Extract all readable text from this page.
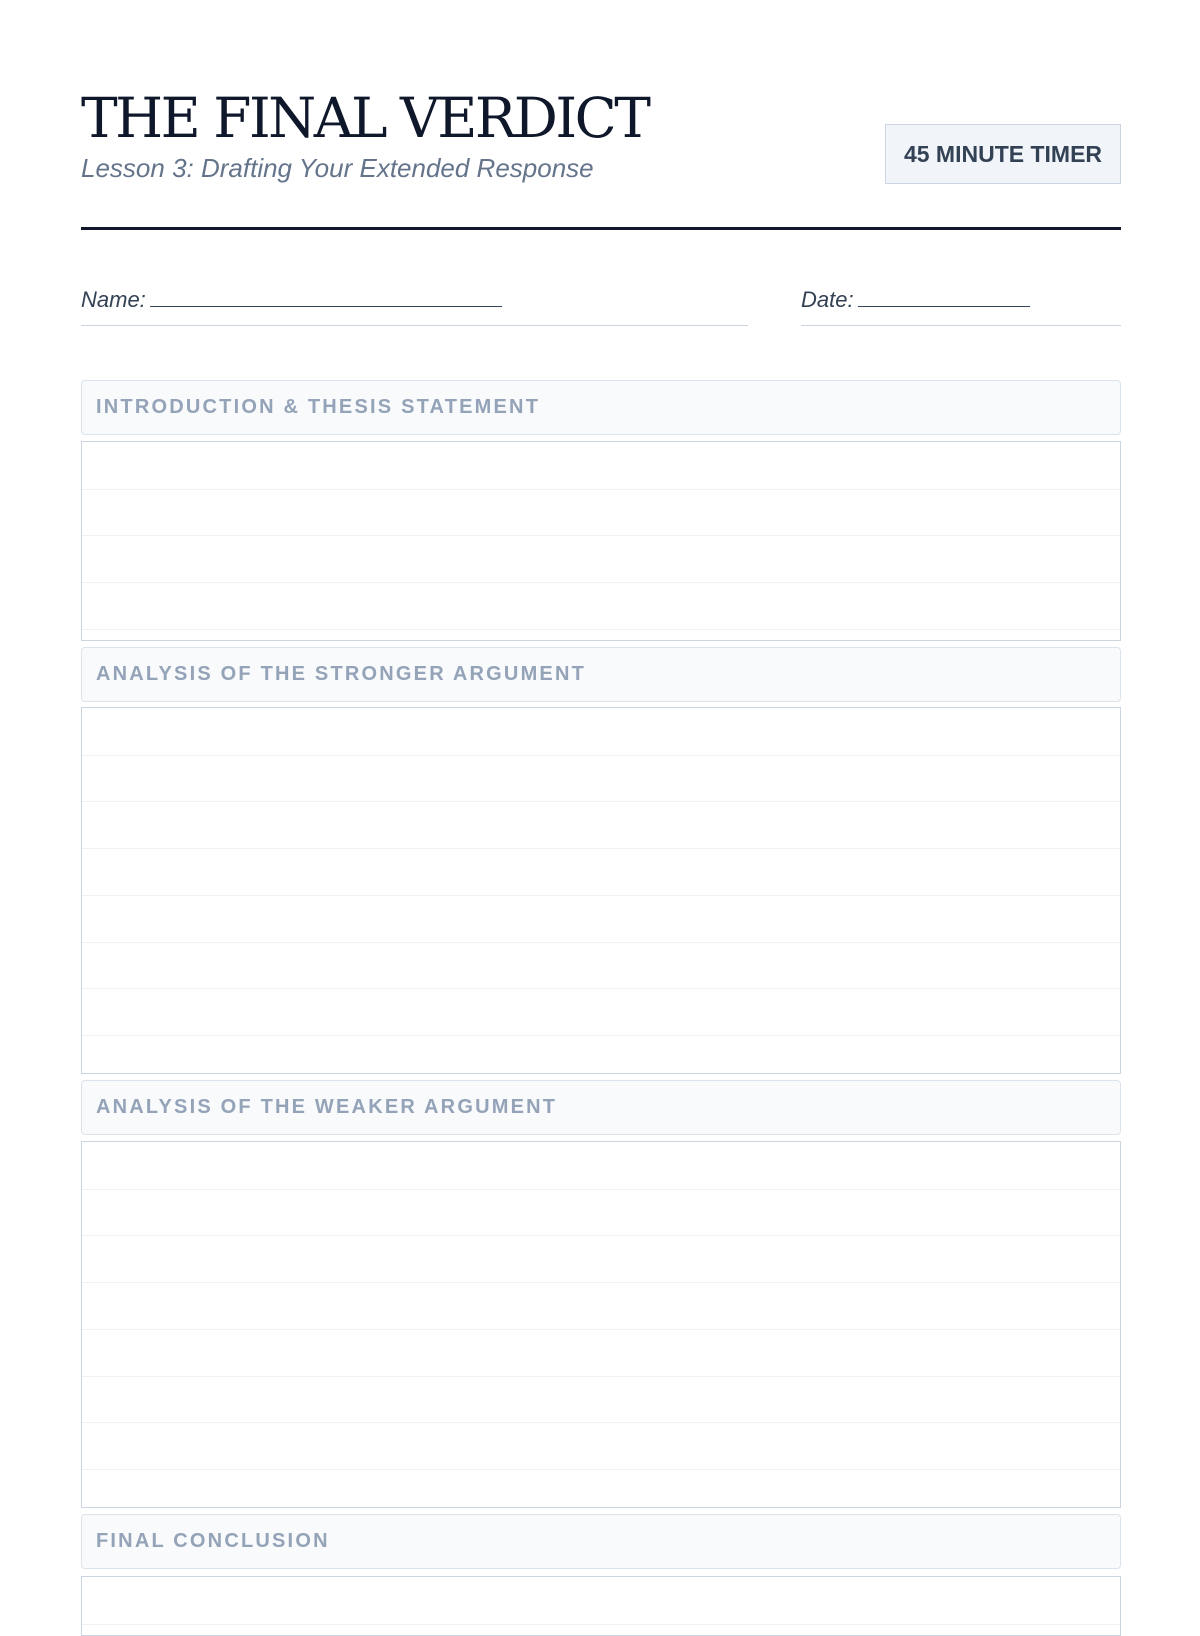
THE FINAL VERDICT
Lesson 3: Drafting Your Extended Response	45 MINUTE TIMER
Name:	Date:
INTRODUCTION & THESIS STATEMENT
ANALYSIS OF THE STRONGER ARGUMENT
ANALYSIS OF THE WEAKER ARGUMENT
FINAL CONCLUSION
